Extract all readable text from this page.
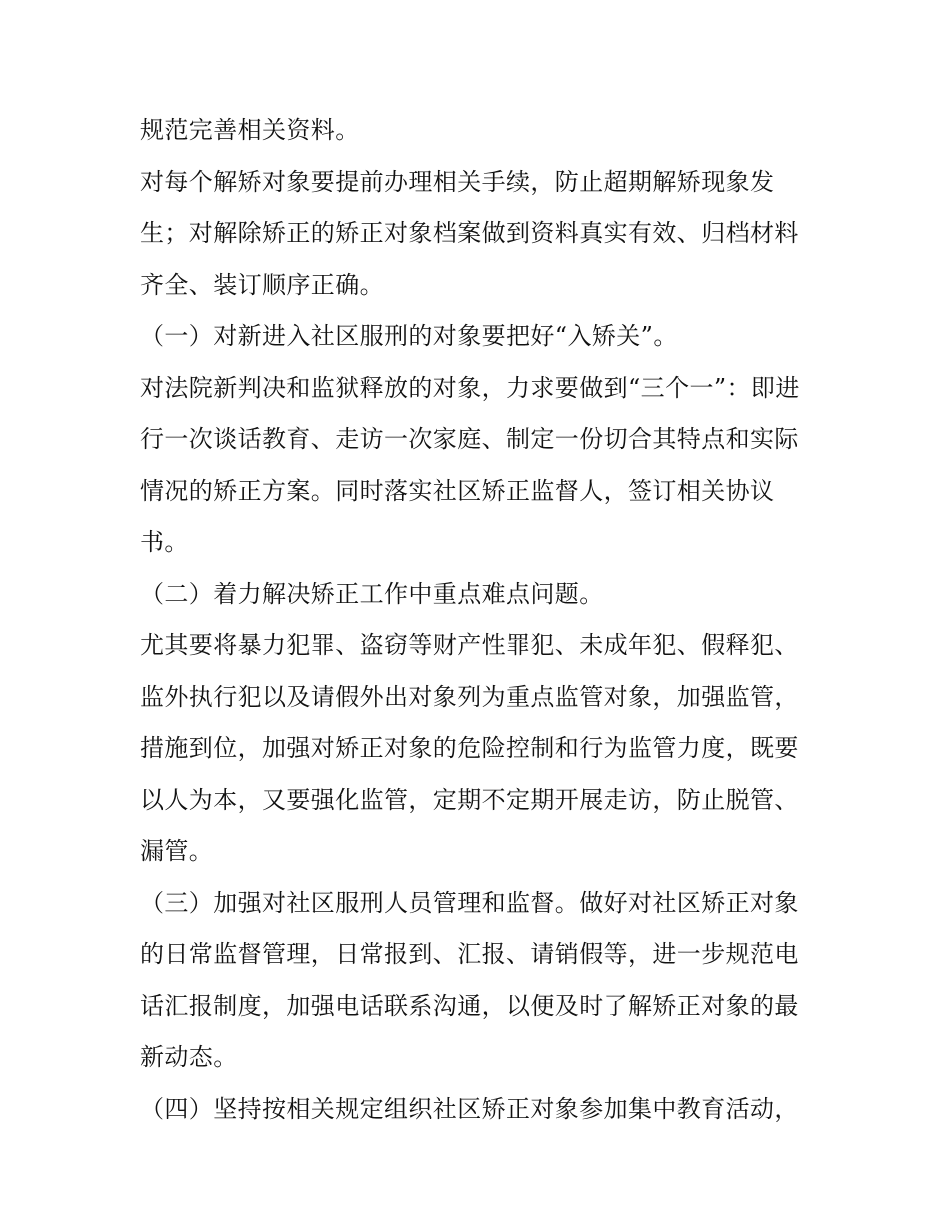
规范完善相关资料。
对每个解矫对象要提前办理相关手续，防止超期解矫现象发
生；对解除矫正的矫正对象档案做到资料真实有效、归档材料
齐全、装订顺序正确。
（一）对新进入社区服刑的对象要把好“入矫关”。
对法院新判决和监狱释放的对象，力求要做到“三个一”：即进
行一次谈话教育、走访一次家庭、制定一份切合其特点和实际
情况的矫正方案。同时落实社区矫正监督人，签订相关协议
书。
（二）着力解决矫正工作中重点难点问题。
尤其要将暴力犯罪、盗窃等财产性罪犯、未成年犯、假释犯、
监外执行犯以及请假外出对象列为重点监管对象，加强监管，
措施到位，加强对矫正对象的危险控制和行为监管力度，既要
以人为本，又要强化监管，定期不定期开展走访，防止脱管、
漏管。
（三）加强对社区服刑人员管理和监督。做好对社区矫正对象
的日常监督管理，日常报到、汇报、请销假等，进一步规范电
话汇报制度，加强电话联系沟通，以便及时了解矫正对象的最
新动态。
（四）坚持按相关规定组织社区矫正对象参加集中教育活动，
